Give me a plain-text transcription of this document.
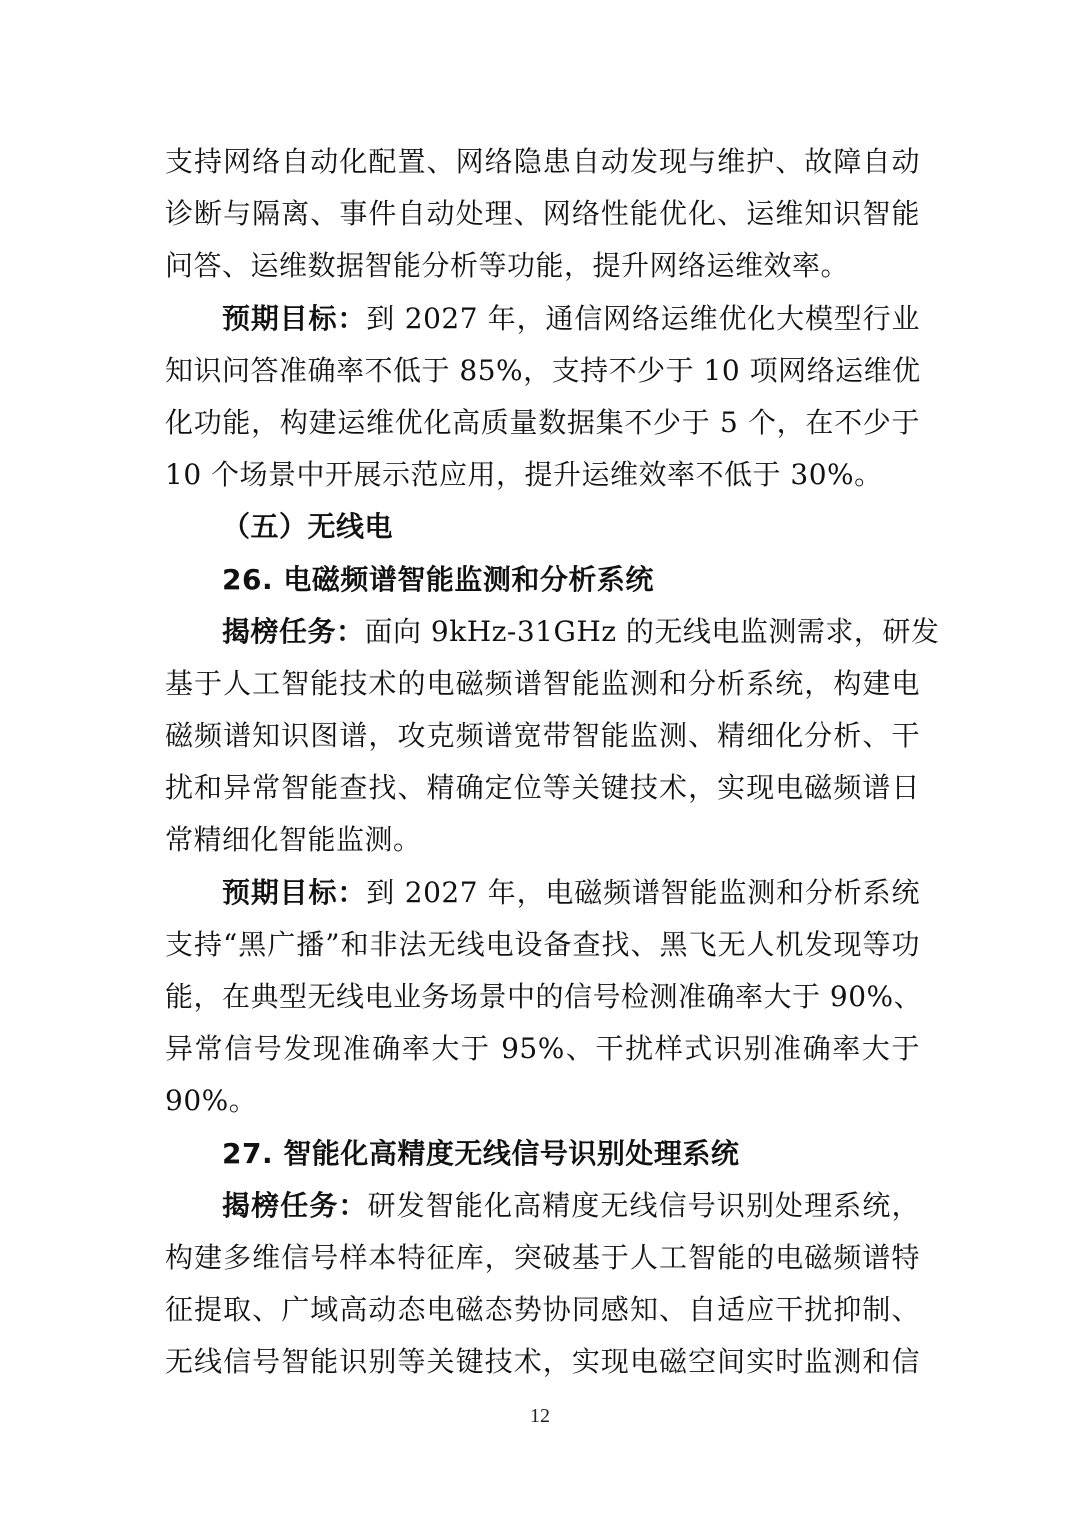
支持网络自动化配置、网络隐患自动发现与维护、故障自动
诊断与隔离、事件自动处理、网络性能优化、运维知识智能
问答、运维数据智能分析等功能，提升网络运维效率。
预期目标：到 2027 年，通信网络运维优化大模型行业
知识问答准确率不低于 85%，支持不少于 10 项网络运维优
化功能，构建运维优化高质量数据集不少于 5 个，在不少于
10 个场景中开展示范应用，提升运维效率不低于 30%。
（五）无线电
26. 电磁频谱智能监测和分析系统
揭榜任务：面向 9kHz-31GHz 的无线电监测需求，研发
基于人工智能技术的电磁频谱智能监测和分析系统，构建电
磁频谱知识图谱，攻克频谱宽带智能监测、精细化分析、干
扰和异常智能查找、精确定位等关键技术，实现电磁频谱日
常精细化智能监测。
预期目标：到 2027 年，电磁频谱智能监测和分析系统
支持“黑广播”和非法无线电设备查找、黑飞无人机发现等功
能，在典型无线电业务场景中的信号检测准确率大于 90%、
异常信号发现准确率大于 95%、干扰样式识别准确率大于
90%。
27. 智能化高精度无线信号识别处理系统
揭榜任务：研发智能化高精度无线信号识别处理系统，
构建多维信号样本特征库，突破基于人工智能的电磁频谱特
征提取、广域高动态电磁态势协同感知、自适应干扰抑制、
无线信号智能识别等关键技术，实现电磁空间实时监测和信
12
